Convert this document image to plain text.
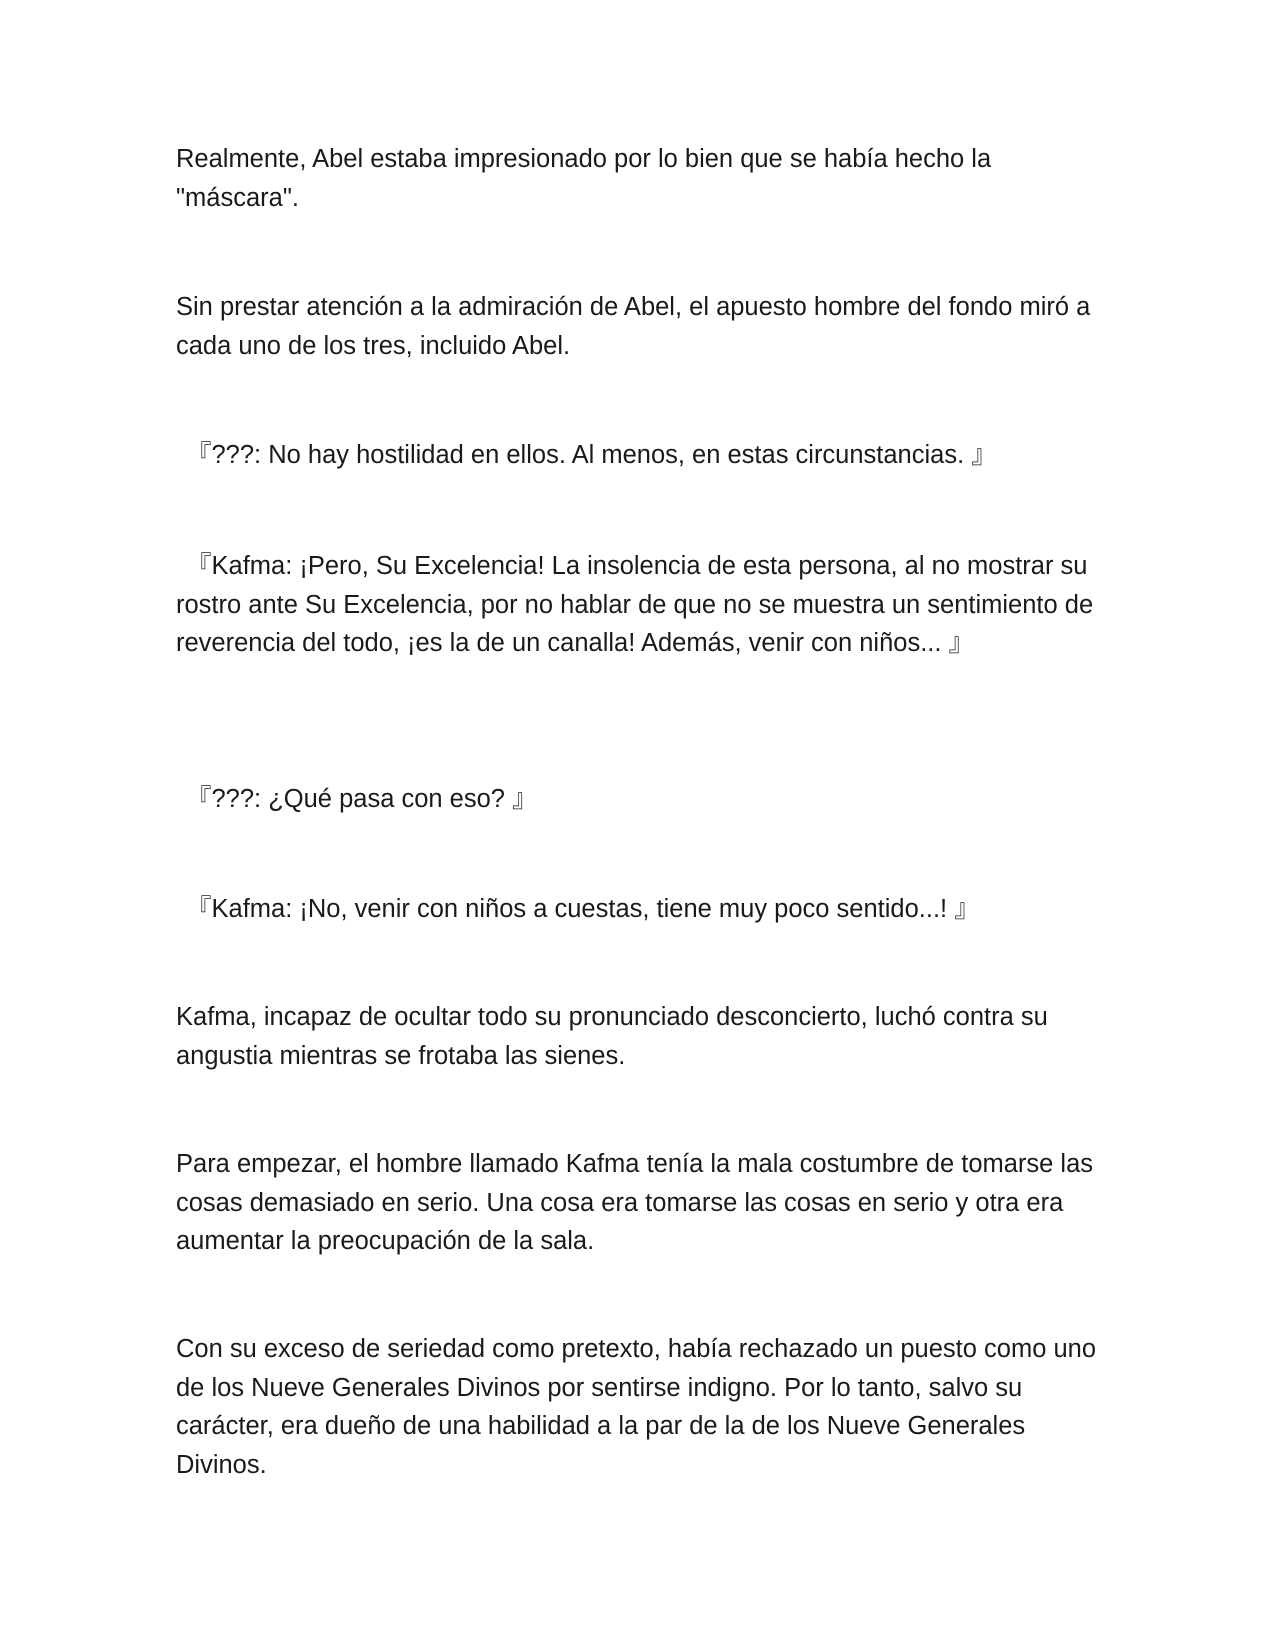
Realmente, Abel estaba impresionado por lo bien que se había hecho la "máscara".

Sin prestar atención a la admiración de Abel, el apuesto hombre del fondo miró a cada uno de los tres, incluido Abel.

『???: No hay hostilidad en ellos. Al menos, en estas circunstancias. 』

『Kafma: ¡Pero, Su Excelencia! La insolencia de esta persona, al no mostrar su rostro ante Su Excelencia, por no hablar de que no se muestra un sentimiento de reverencia del todo, ¡es la de un canalla! Además, venir con niños... 』

『???: ¿Qué pasa con eso? 』

『Kafma: ¡No, venir con niños a cuestas, tiene muy poco sentido...! 』

Kafma, incapaz de ocultar todo su pronunciado desconcierto, luchó contra su angustia mientras se frotaba las sienes.

Para empezar, el hombre llamado Kafma tenía la mala costumbre de tomarse las cosas demasiado en serio. Una cosa era tomarse las cosas en serio y otra era aumentar la preocupación de la sala.

Con su exceso de seriedad como pretexto, había rechazado un puesto como uno de los Nueve Generales Divinos por sentirse indigno. Por lo tanto, salvo su carácter, era dueño de una habilidad a la par de la de los Nueve Generales Divinos.
